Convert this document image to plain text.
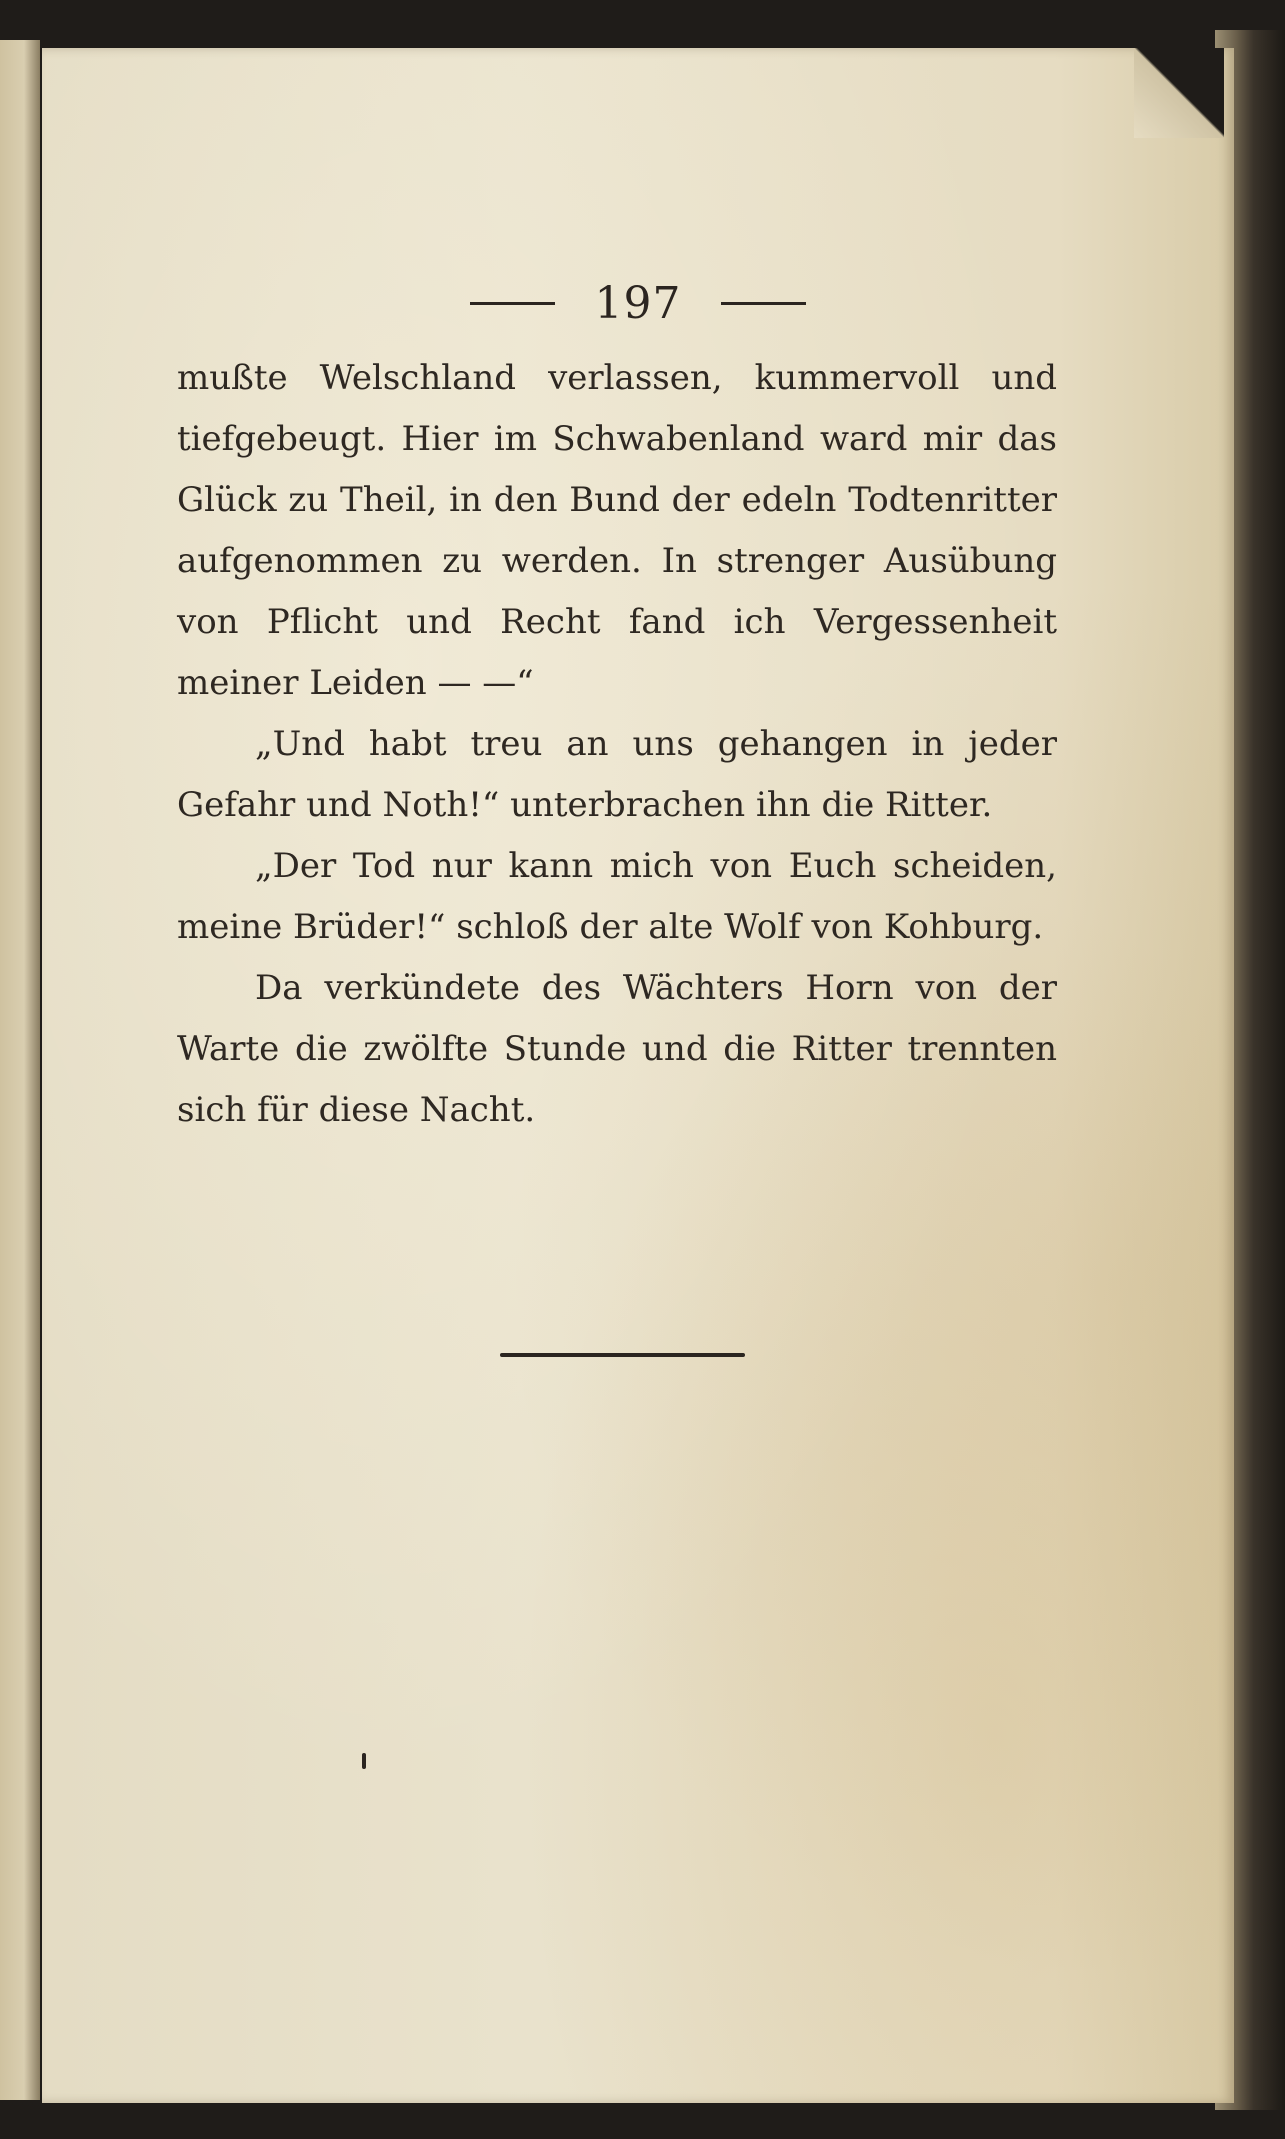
197

mußte Welschland verlassen, kummervoll und tiefgebeugt. Hier im Schwabenland ward mir das Glück zu Theil, in den Bund der edeln Todtenritter aufgenommen zu werden. In strenger Ausübung von Pflicht und Recht fand ich Vergessenheit meiner Leiden — —“

„Und habt treu an uns gehangen in jeder Gefahr und Noth!“ unterbrachen ihn die Ritter.

„Der Tod nur kann mich von Euch scheiden, meine Brüder!“ schloß der alte Wolf von Kohburg.

Da verkündete des Wächters Horn von der Warte die zwölfte Stunde und die Ritter trennten sich für diese Nacht.
